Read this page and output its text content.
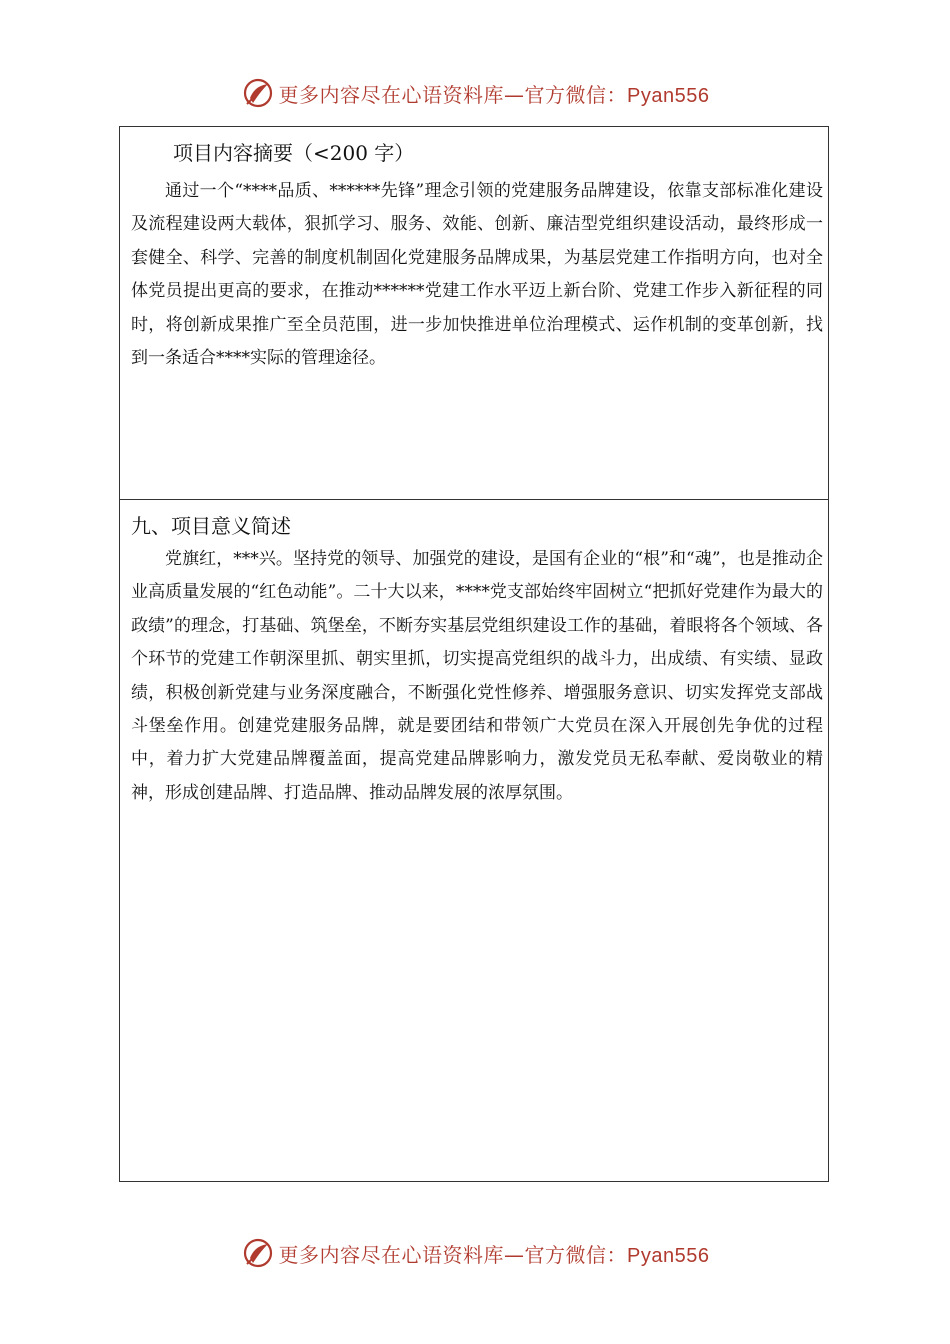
更多内容尽在心语资料库—官方微信：Pyan556
项目内容摘要（<200 字）

通过一个“****品质、******先锋”理念引领的党建服务品牌建设，依靠支部标准化建设及流程建设两大载体，狠抓学习、服务、效能、创新、廉洁型党组织建设活动，最终形成一套健全、科学、完善的制度机制固化党建服务品牌成果，为基层党建工作指明方向，也对全体党员提出更高的要求，在推动******党建工作水平迈上新台阶、党建工作步入新征程的同时，将创新成果推广至全员范围，进一步加快推进单位治理模式、运作机制的变革创新，找到一条适合****实际的管理途径。

九、项目意义简述

党旗红，***兴。坚持党的领导、加强党的建设，是国有企业的“根”和“魂”，也是推动企业高质量发展的“红色动能”。二十大以来，****党支部始终牢固树立“把抓好党建作为最大的政绩”的理念，打基础、筑堡垒，不断夯实基层党组织建设工作的基础，着眼将各个领域、各个环节的党建工作朝深里抓、朝实里抓，切实提高党组织的战斗力，出成绩、有实绩、显政绩，积极创新党建与业务深度融合，不断强化党性修养、增强服务意识、切实发挥党支部战斗堡垒作用。创建党建服务品牌，就是要团结和带领广大党员在深入开展创先争优的过程中，着力扩大党建品牌覆盖面，提高党建品牌影响力，激发党员无私奉献、爱岗敬业的精神，形成创建品牌、打造品牌、推动品牌发展的浓厚氛围。

更多内容尽在心语资料库—官方微信：Pyan556
